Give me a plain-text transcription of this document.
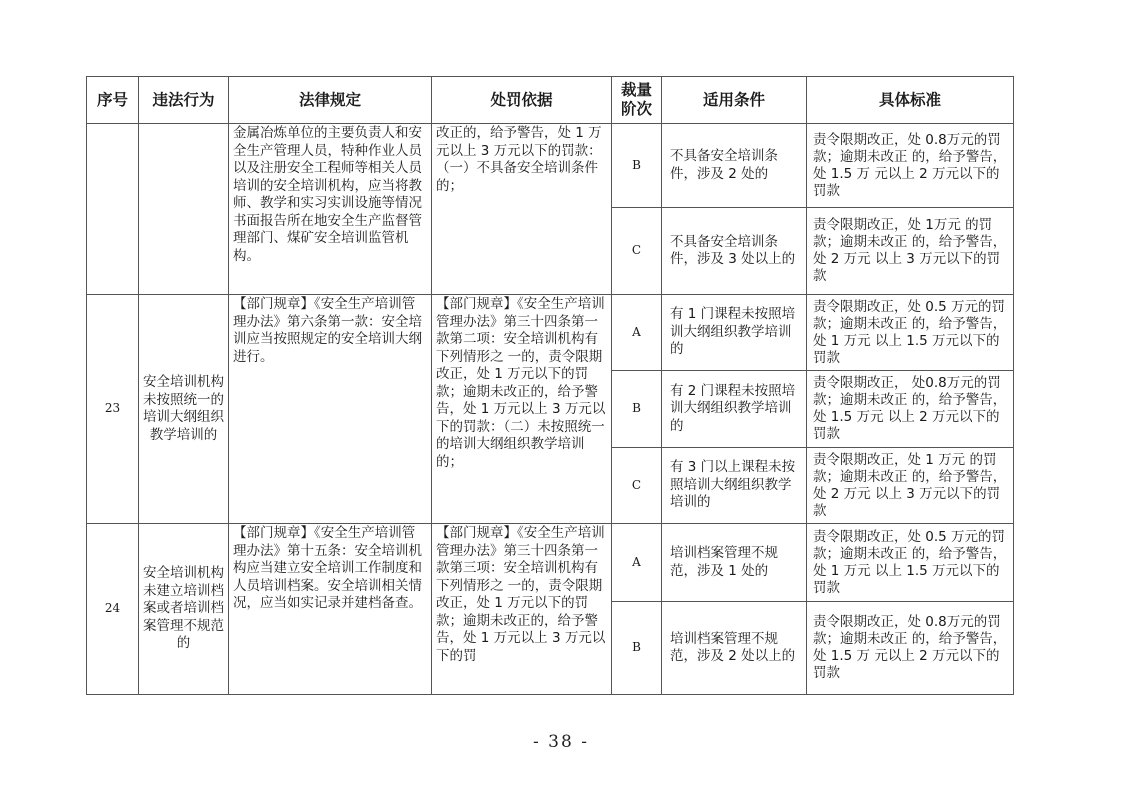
序号	违法行为	法律规定	处罚依据	裁量阶次	适用条件	具体标准
		金属冶炼单位的主要负责人和安全生产管理人员，特种作业人员以及注册安全工程师等相关人员培训的安全培训机构，应当将教师、教学和实习实训设施等情况书面报告所在地安全生产监督管理部门、煤矿安全培训监管机构。	改正的，给予警告，处 1 万元以上 3 万元以下的罚款：（一）不具备安全培训条件的；	B	不具备安全培训条件，涉及 2 处的	责令限期改正，处 0.8万元的罚款；逾期未改正 的，给予警告，处 1.5 万 元以上 2 万元以下的罚款
				C	不具备安全培训条件，涉及 3 处以上的	责令限期改正，处 1万元 的罚款；逾期未改正 的，给予警告，处 2 万元 以上 3 万元以下的罚款
23	安全培训机构未按照统一的培训大纲组织教学培训的	【部门规章】《安全生产培训管理办法》第六条第一款：安全培训应当按照规定的安全培训大纲进行。	【部门规章】《安全生产培训管理办法》第三十四条第一款第二项：安全培训机构有下列情形之 一的，责令限期改正，处 1 万元以下的罚款；逾期未改正的，给予警告，处 1 万元以上 3 万元以下的罚款：（二）未按照统一的培训大纲组织教学培训的；	A	有 1 门课程未按照培训大纲组织教学培训的	责令限期改正，处 0.5 万元的罚款；逾期未改正 的，给予警告，处 1 万元 以上 1.5 万元以下的罚款
				B	有 2 门课程未按照培训大纲组织教学培训的	责令限期改正， 处0.8万元的罚款；逾期未改正 的，给予警告，处 1.5 万元 以上 2 万元以下的罚款
				C	有 3 门以上课程未按照培训大纲组织教学培训的	责令限期改正，处 1 万元 的罚款；逾期未改正 的，给予警告，处 2 万元 以上 3 万元以下的罚款
24	安全培训机构未建立培训档案或者培训档案管理不规范的	【部门规章】《安全生产培训管理办法》第十五条：安全培训机构应当建立安全培训工作制度和人员培训档案。安全培训相关情况，应当如实记录并建档备查。	【部门规章】《安全生产培训管理办法》第三十四条第一款第三项：安全培训机构有下列情形之 一的，责令限期改正，处 1 万元以下的罚款；逾期未改正的，给予警告，处 1 万元以上 3 万元以下的罚	A	培训档案管理不规范，涉及 1 处的	责令限期改正，处 0.5 万元的罚款；逾期未改正 的，给予警告，处 1 万元 以上 1.5 万元以下的罚款
				B	培训档案管理不规范，涉及 2 处以上的	责令限期改正，处 0.8万元的罚款；逾期未改正 的，给予警告，处 1.5 万 元以上 2 万元以下的罚款
- 38 -
